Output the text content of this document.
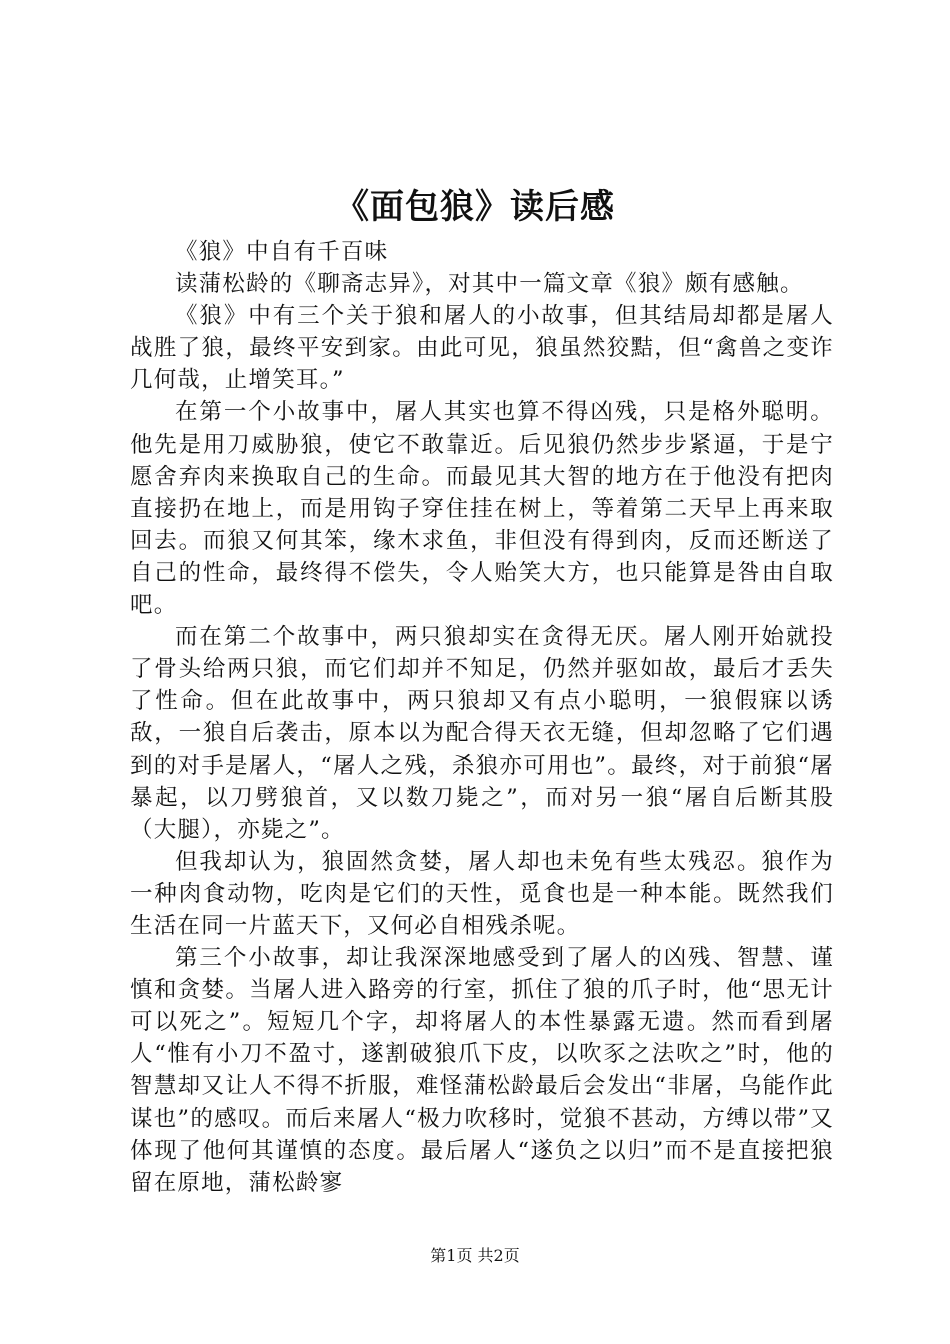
《面包狼》读后感

《狼》中自有千百味

读蒲松龄的《聊斋志异》，对其中一篇文章《狼》颇有感触。

《狼》中有三个关于狼和屠人的小故事，但其结局却都是屠人战胜了狼，最终平安到家。由此可见，狼虽然狡黠，但“禽兽之变诈几何哉，止增笑耳。”

在第一个小故事中，屠人其实也算不得凶残，只是格外聪明。他先是用刀威胁狼，使它不敢靠近。后见狼仍然步步紧逼，于是宁愿舍弃肉来换取自己的生命。而最见其大智的地方在于他没有把肉直接扔在地上，而是用钩子穿住挂在树上，等着第二天早上再来取回去。而狼又何其笨，缘木求鱼，非但没有得到肉，反而还断送了自己的性命，最终得不偿失，令人贻笑大方，也只能算是咎由自取吧。

而在第二个故事中，两只狼却实在贪得无厌。屠人刚开始就投了骨头给两只狼，而它们却并不知足，仍然并驱如故，最后才丢失了性命。但在此故事中，两只狼却又有点小聪明，一狼假寐以诱敌，一狼自后袭击，原本以为配合得天衣无缝，但却忽略了它们遇到的对手是屠人，“屠人之残，杀狼亦可用也”。最终，对于前狼“屠暴起，以刀劈狼首，又以数刀毙之”，而对另一狼“屠自后断其股（大腿），亦毙之”。

但我却认为，狼固然贪婪，屠人却也未免有些太残忍。狼作为一种肉食动物，吃肉是它们的天性，觅食也是一种本能。既然我们生活在同一片蓝天下，又何必自相残杀呢。

第三个小故事，却让我深深地感受到了屠人的凶残、智慧、谨慎和贪婪。当屠人进入路旁的行室，抓住了狼的爪子时，他“思无计可以死之”。短短几个字，却将屠人的本性暴露无遗。然而看到屠人“惟有小刀不盈寸，遂割破狼爪下皮，以吹豕之法吹之”时，他的智慧却又让人不得不折服，难怪蒲松龄最后会发出“非屠，乌能作此谋也”的感叹。而后来屠人“极力吹移时，觉狼不甚动，方缚以带”又体现了他何其谨慎的态度。最后屠人“遂负之以归”而不是直接把狼留在原地，蒲松龄寥

第1页 共2页
